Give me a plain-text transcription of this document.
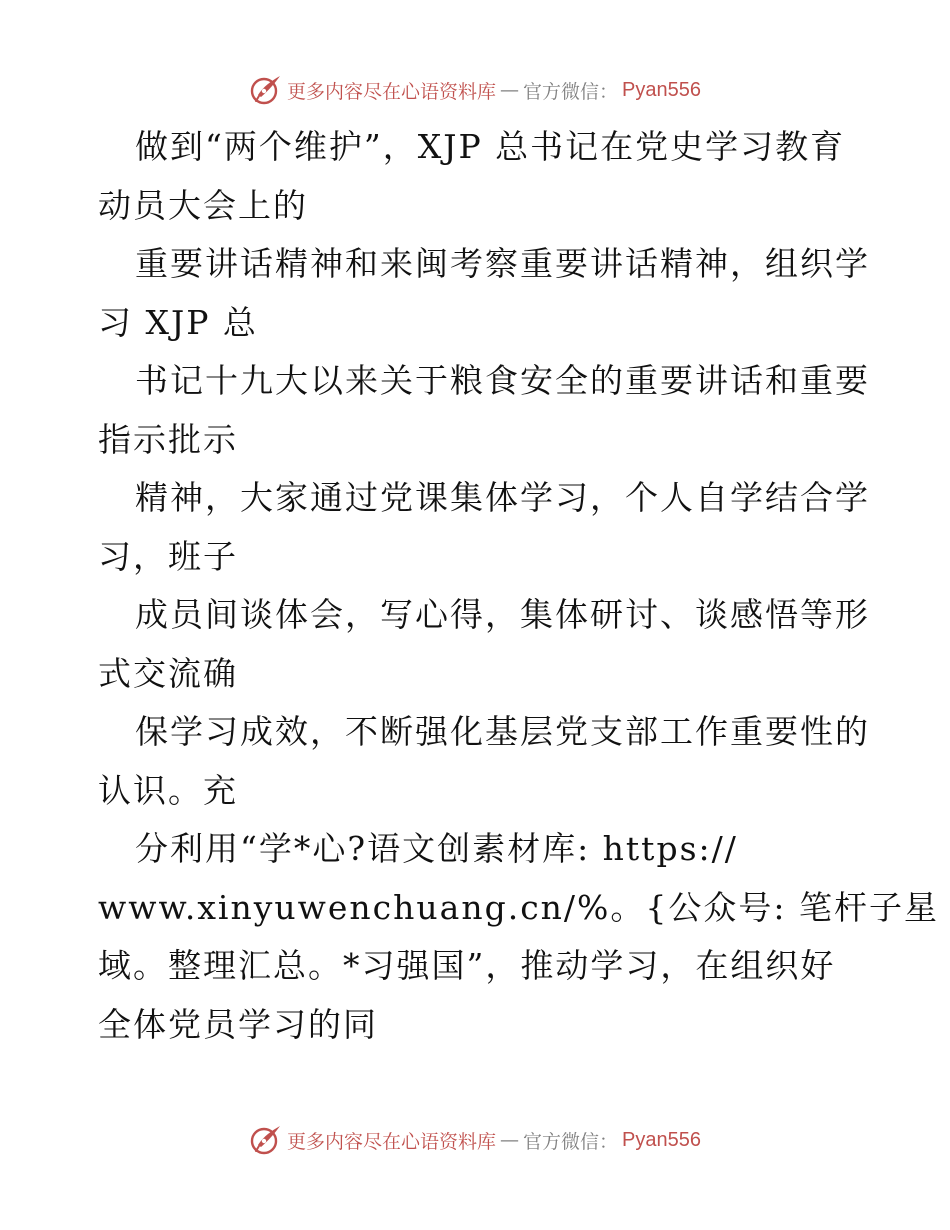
更多内容尽在心语资料库 — 官方微信： Pyan556
做到“两个维护”，XJP 总书记在党史学习教育
动员大会上的
重要讲话精神和来闽考察重要讲话精神，组织学
习 XJP 总
书记十九大以来关于粮食安全的重要讲话和重要
指示批示
精神，大家通过党课集体学习，个人自学结合学
习，班子
成员间谈体会，写心得，集体研讨、谈感悟等形
式交流确
保学习成效，不断强化基层党支部工作重要性的
认识。充
分利用“学*心?语文创素材库: https://
www.xinyuwenchuang.cn/%。{公众号: 笔杆子星
域。整理汇总。*习强国”，推动学习，在组织好
全体党员学习的同
更多内容尽在心语资料库 — 官方微信： Pyan556
